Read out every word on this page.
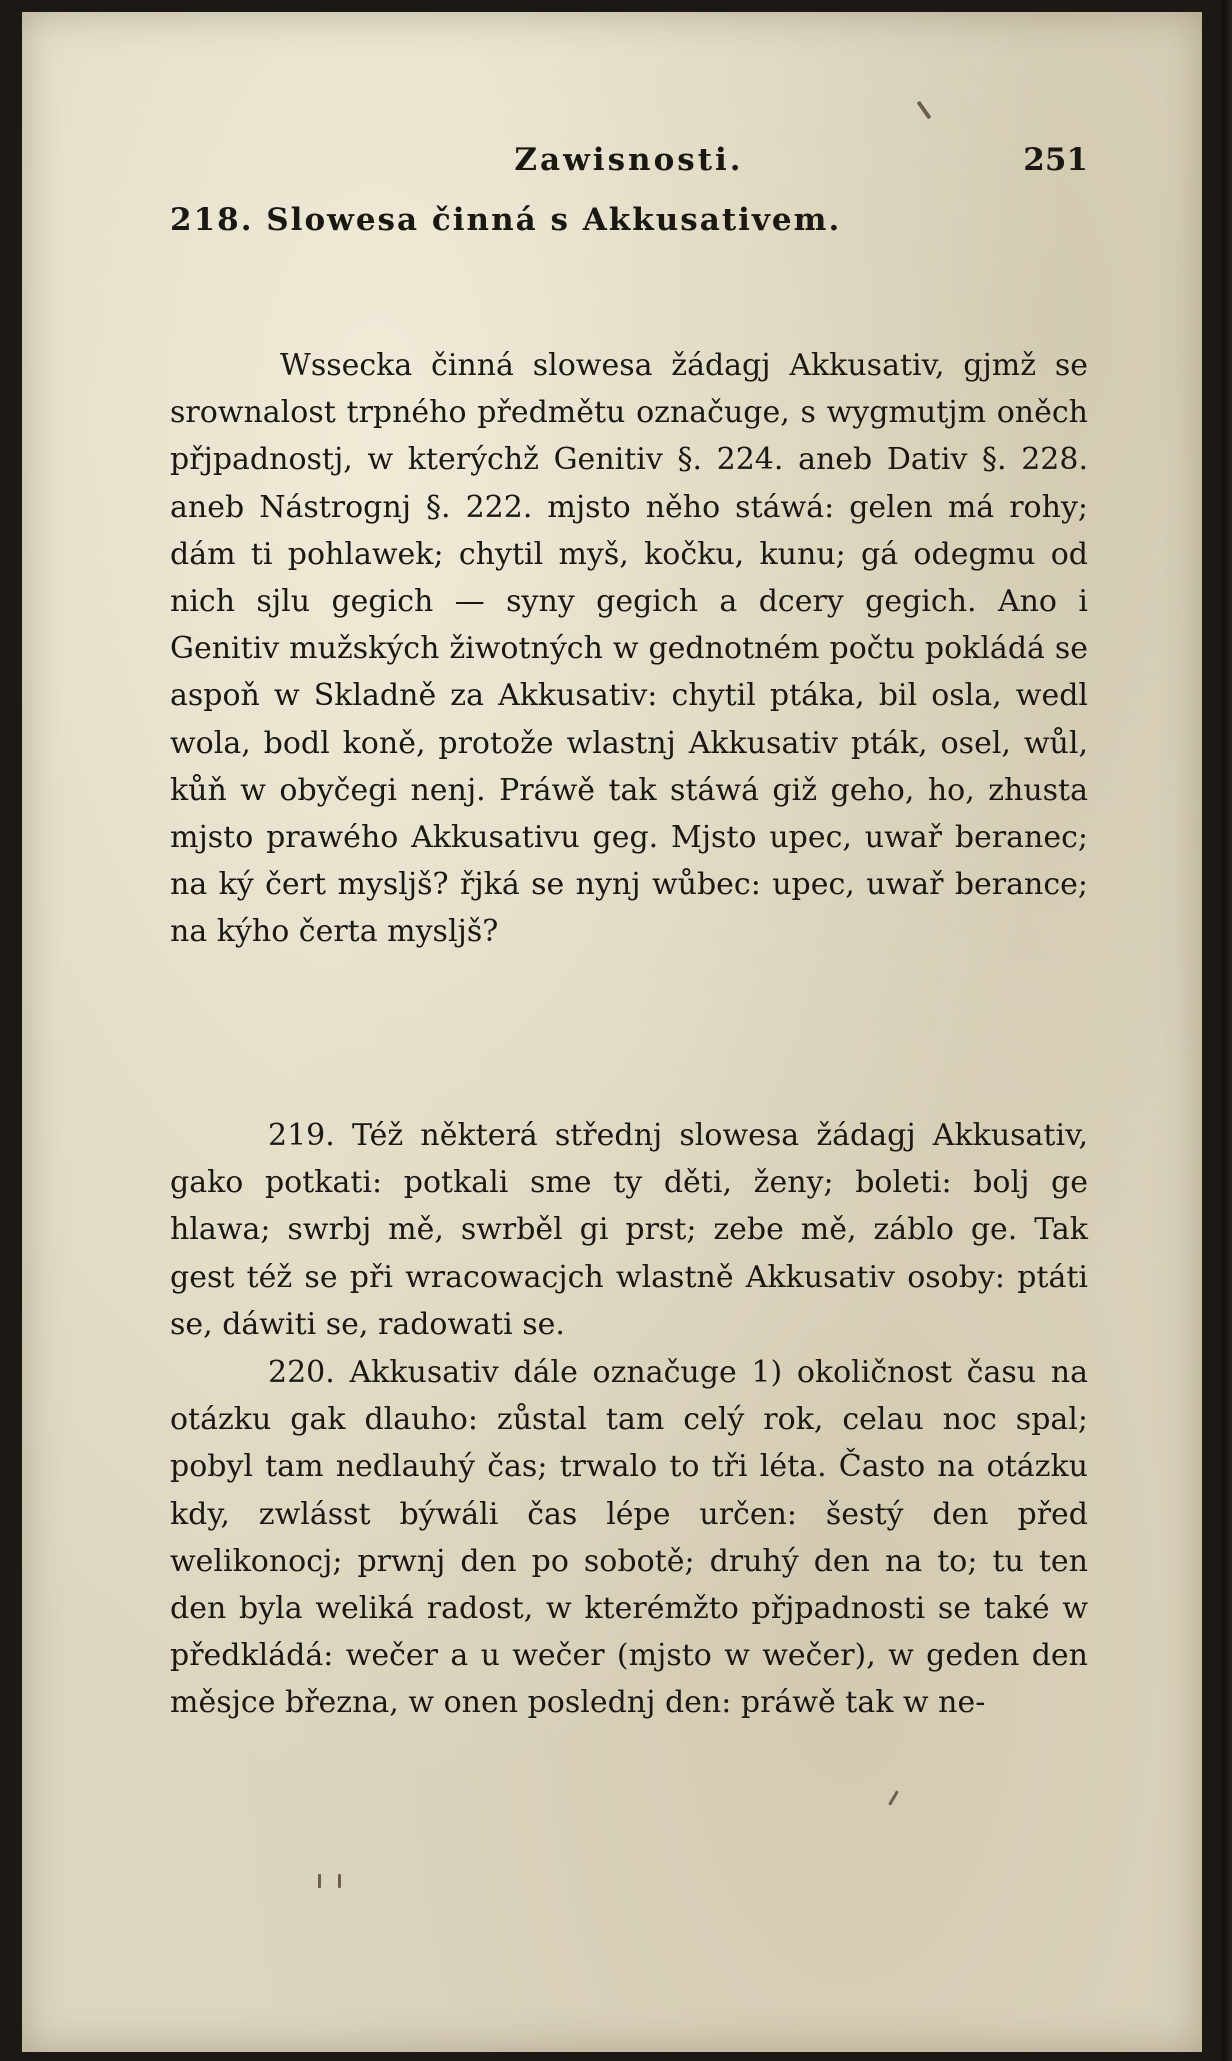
Zawisnosti.	251
218. Slowesa činná s Akkusativem.

Wssecka činná slowesa žádagj Akkusativ, gjmž se srownalost trpného předmětu označuge, s wygmutjm oněch přjpadnostj, w kterýchž Genitiv §. 224. aneb Dativ §. 228. aneb Nástrognj §. 222. mjsto něho stáwá: gelen má rohy; dám ti pohlawek; chytil myš, kočku, kunu; gá odegmu od nich sjlu gegich — syny gegich a dcery gegich. Ano i Genitiv mužských žiwotných w gednotném počtu pokládá se aspoň w Skladně za Akkusativ: chytil ptáka, bil osla, wedl wola, bodl koně, protože wlastnj Akkusativ pták, osel, wůl, kůň w obyčegi nenj. Práwě tak stáwá giž geho, ho, zhusta mjsto prawého Akkusativu geg. Mjsto upec, uwař beranec; na ký čert mysljš? řjká se nynj wůbec: upec, uwař berance; na kýho čerta myslјš?

219. Též některá střednj slowesa žádagj Akkusativ, gako potkati: potkali sme ty děti, ženy; boleti: bolj ge hlawa; swrbj mě, swrběl gi prst; zebe mě, záblo ge. Tak gest též se při wracowacjch wlastně Akkusativ osoby: ptáti se, dáwiti se, radowati se.

220. Akkusativ dále označuge 1) okolіčnost času na otázku gak dlauho: zůstal tam celý rok, celau noc spal; pobyl tam nedlauhý čas; trwalo to tři léta. Často na otázku kdy, zwlásst býwáli čas lépe určen: šestý den před welikonocj; prwnj den po sobotě; druhý den na to; tu ten den byla weliká radost, w kterémžto přjpadnosti se také w předkládá: wečer a u wečer (mjsto w wečer), w geden den měsjce března, w onen poslednj den: práwě tak w ne-
